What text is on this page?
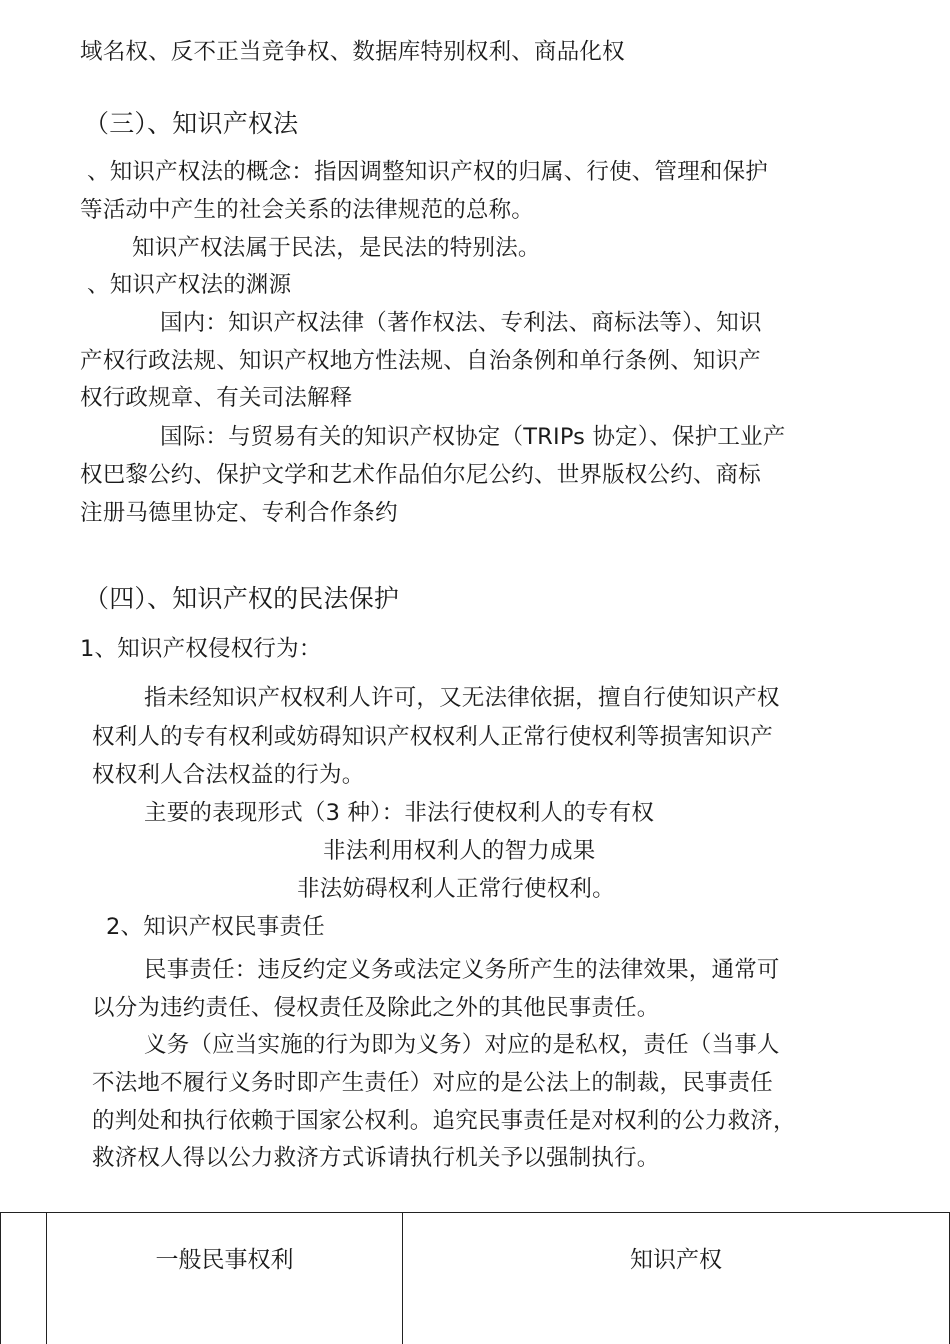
域名权、反不正当竞争权、数据库特别权利、商品化权
（三）、知识产权法
、知识产权法的概念：指因调整知识产权的归属、行使、管理和保护
等活动中产生的社会关系的法律规范的总称。
知识产权法属于民法，是民法的特别法。
、知识产权法的渊源
国内：知识产权法律（著作权法、专利法、商标法等）、知识
产权行政法规、知识产权地方性法规、自治条例和单行条例、知识产
权行政规章、有关司法解释
国际：与贸易有关的知识产权协定（TRIPs 协定）、保护工业产
权巴黎公约、保护文学和艺术作品伯尔尼公约、世界版权公约、商标
注册马德里协定、专利合作条约
（四）、知识产权的民法保护
1、知识产权侵权行为：
指未经知识产权权利人许可，又无法律依据，擅自行使知识产权
权利人的专有权利或妨碍知识产权权利人正常行使权利等损害知识产
权权利人合法权益的行为。
主要的表现形式（3 种）：非法行使权利人的专有权
非法利用权利人的智力成果
非法妨碍权利人正常行使权利。
2、知识产权民事责任
民事责任：违反约定义务或法定义务所产生的法律效果，通常可
以分为违约责任、侵权责任及除此之外的其他民事责任。
义务（应当实施的行为即为义务）对应的是私权，责任（当事人
不法地不履行义务时即产生责任）对应的是公法上的制裁，民事责任
的判处和执行依赖于国家公权利。追究民事责任是对权利的公力救济，
救济权人得以公力救济方式诉请执行机关予以强制执行。
一般民事权利	知识产权
